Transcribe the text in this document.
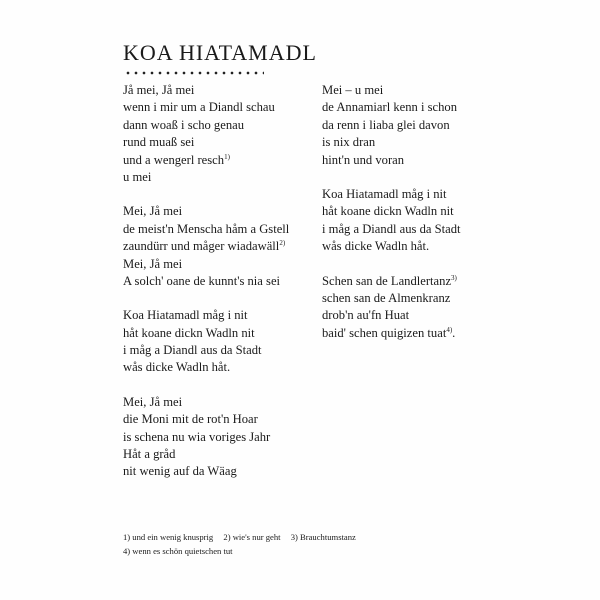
KOA HIATAMADL
Jå mei, Jå mei
wenn i mir um a Diandl schau
dann woaß i scho genau
rund muaß sei
und a wengerl resch$^{1)}$
u mei
Mei, Jå mei
de meist'n Menscha håm a Gstell
zaundürr und måger wiadawäll$^{2)}$
Mei, Jå mei
A solch' oane de kunnt's nia sei
Koa Hiatamadl måg i nit
håt koane dickn Wadln nit
i måg a Diandl aus da Stadt
wås dicke Wadln håt.
Mei, Jå mei
die Moni mit de rot'n Hoar
is schena nu wia voriges Jahr
Håt a gråd
nit wenig auf da Wäag
Mei – u mei
de Annamiarl kenn i schon
da renn i liaba glei davon
is nix dran
hint'n und voran
Koa Hiatamadl måg i nit
håt koane dickn Wadln nit
i måg a Diandl aus da Stadt
wås dicke Wadln håt.
Schen san de Landlertanz$^{3)}$
schen san de Almenkranz
drob'n au'fn Huat
baid' schen quigizen tuat$^{4)}$.
1) und ein wenig knusprig 2) wie's nur geht 3) Brauchtumstanz
4) wenn es schön quietschen tut
